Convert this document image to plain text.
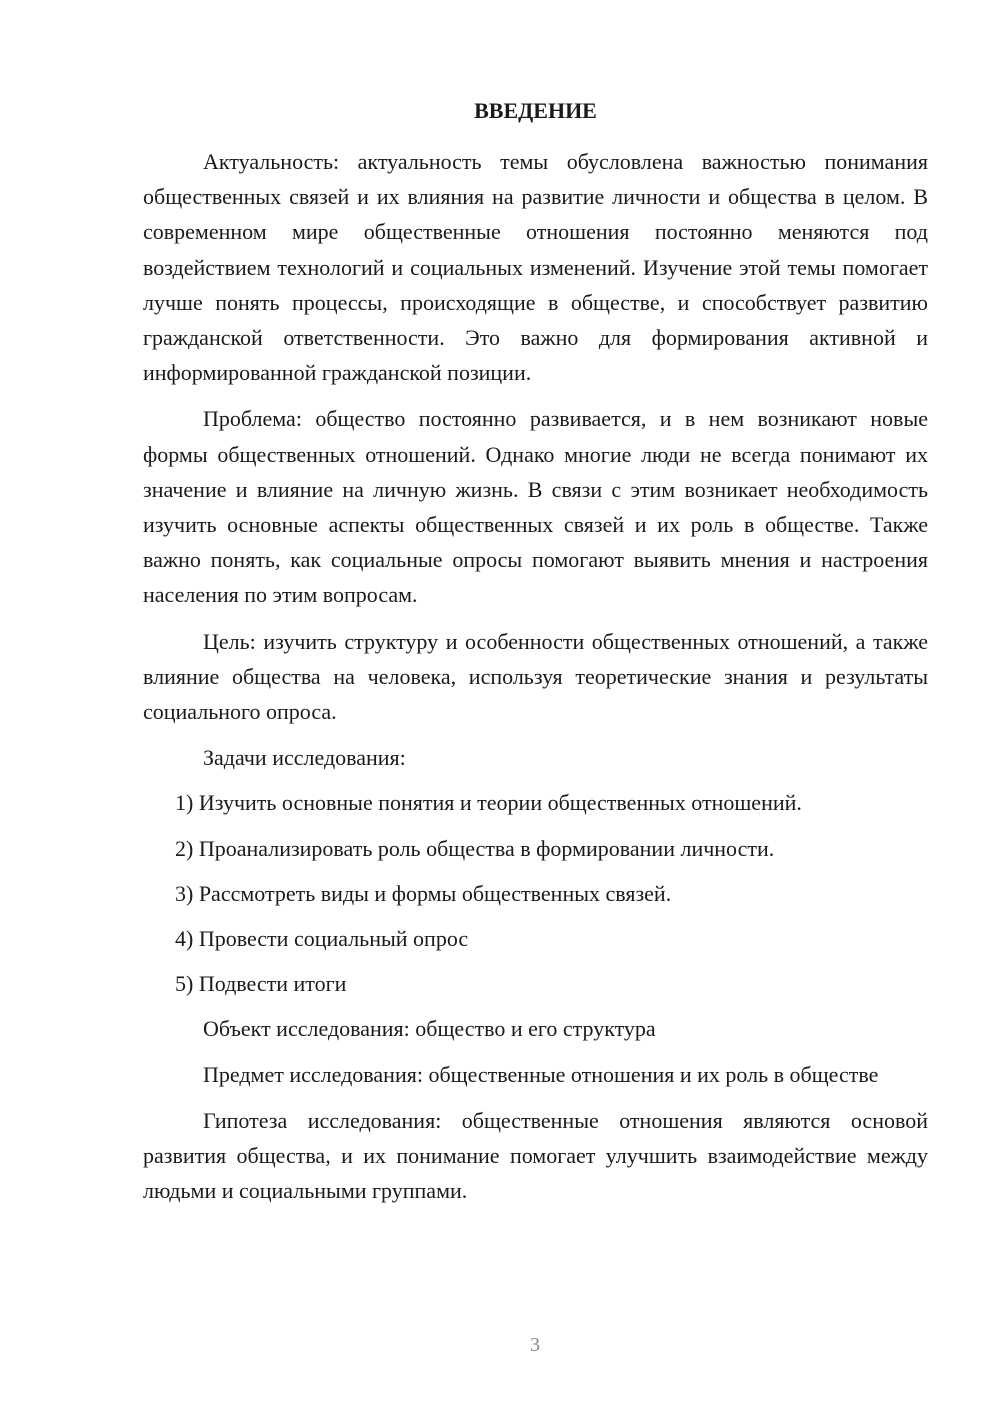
ВВЕДЕНИЕ

Актуальность: актуальность темы обусловлена важностью понимания общественных связей и их влияния на развитие личности и общества в целом. В современном мире общественные отношения постоянно меняются под воздействием технологий и социальных изменений. Изучение этой темы помогает лучше понять процессы, происходящие в обществе, и способствует развитию гражданской ответственности. Это важно для формирования активной и информированной гражданской позиции.

Проблема: общество постоянно развивается, и в нем возникают новые формы общественных отношений. Однако многие люди не всегда понимают их значение и влияние на личную жизнь. В связи с этим возникает необходимость изучить основные аспекты общественных связей и их роль в обществе. Также важно понять, как социальные опросы помогают выявить мнения и настроения населения по этим вопросам.

Цель: изучить структуру и особенности общественных отношений, а также влияние общества на человека, используя теоретические знания и результаты социального опроса.

Задачи исследования:

1) Изучить основные понятия и теории общественных отношений.
2) Проанализировать роль общества в формировании личности.
3) Рассмотреть виды и формы общественных связей.
4) Провести социальный опрос
5) Подвести итоги

Объект исследования: общество и его структура

Предмет исследования: общественные отношения и их роль в обществе

Гипотеза исследования: общественные отношения являются основой развития общества, и их понимание помогает улучшить взаимодействие между людьми и социальными группами.

3
